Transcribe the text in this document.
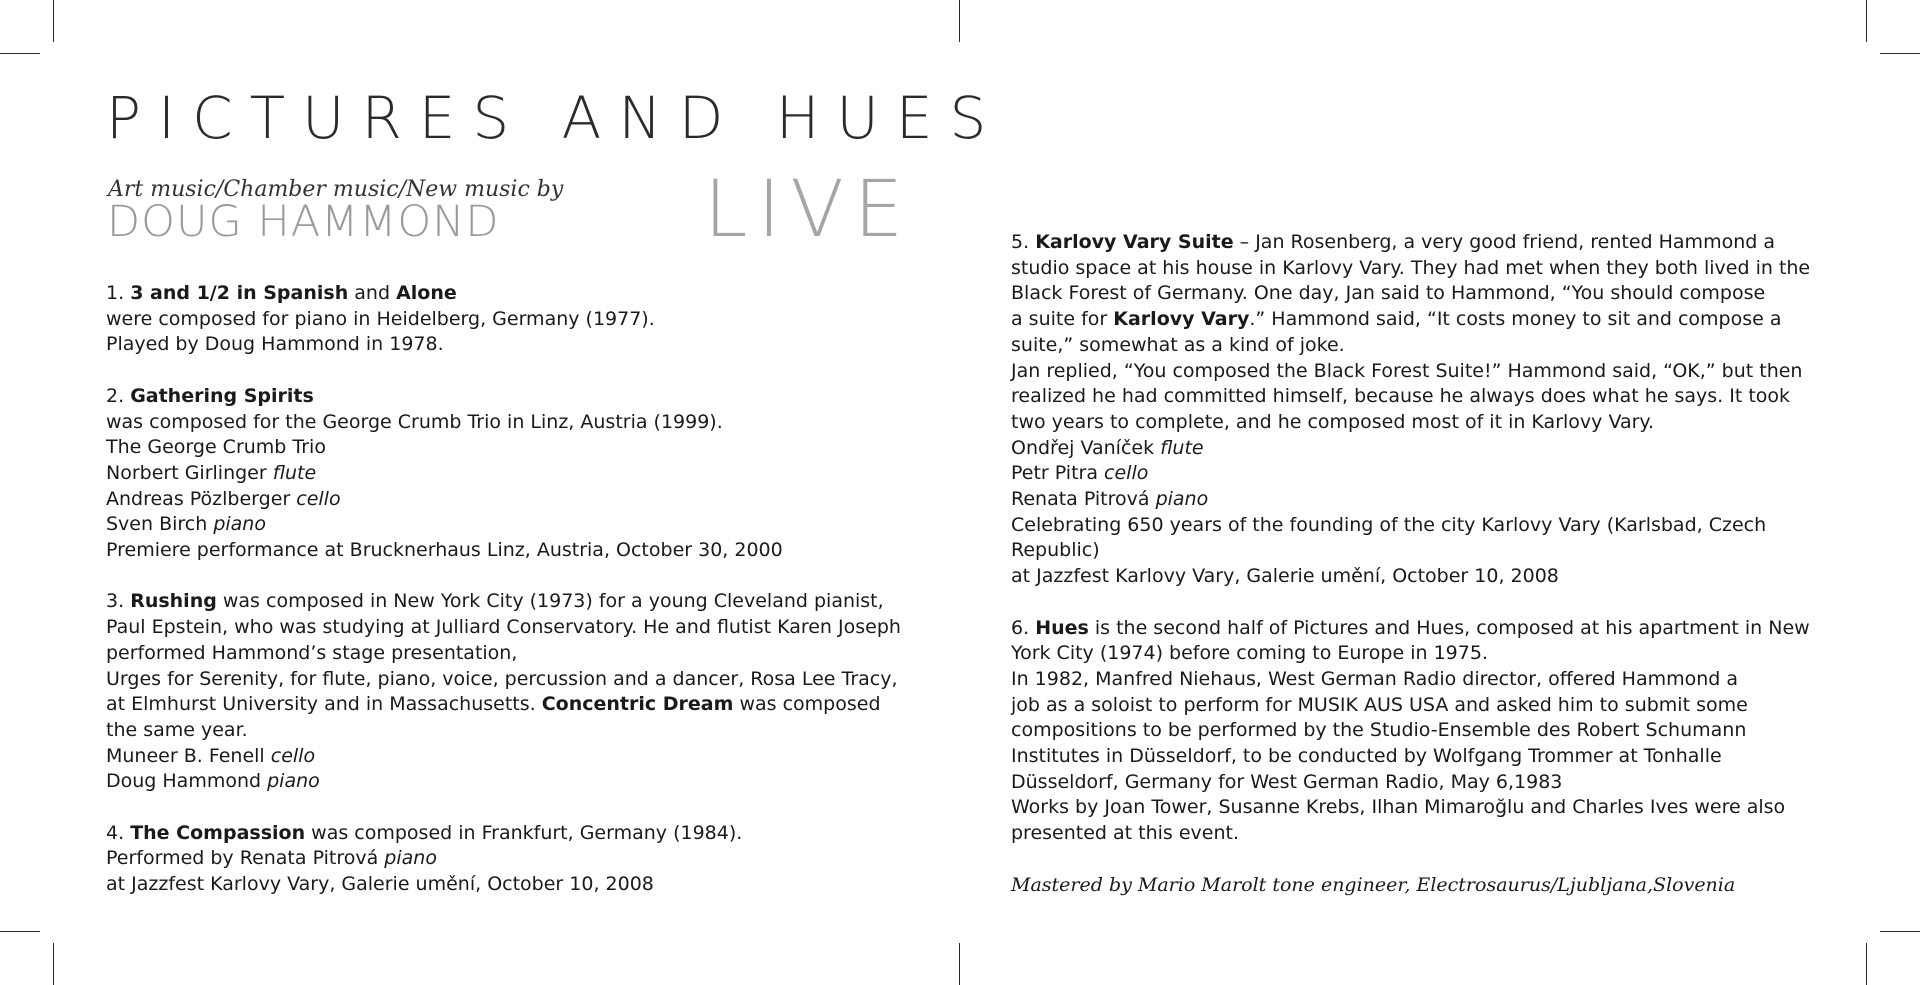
PICTURES AND HUES

Art music/Chamber music/New music by

DOUG HAMMOND	LIVE

1. 3 and 1/2 in Spanish and Alone
were composed for piano in Heidelberg, Germany (1977).
Played by Doug Hammond in 1978.
2. Gathering Spirits
was composed for the George Crumb Trio in Linz, Austria (1999).
The George Crumb Trio
Norbert Girlinger flute
Andreas Pözlberger cello
Sven Birch piano
Premiere performance at Brucknerhaus Linz, Austria, October 30, 2000
3. Rushing was composed in New York City (1973) for a young Cleveland pianist,
Paul Epstein, who was studying at Julliard Conservatory. He and flutist Karen Joseph
performed Hammond’s stage presentation,
Urges for Serenity, for flute, piano, voice, percussion and a dancer, Rosa Lee Tracy,
at Elmhurst University and in Massachusetts. Concentric Dream was composed
the same year.
Muneer B. Fenell cello
Doug Hammond piano
4. The Compassion was composed in Frankfurt, Germany (1984).
Performed by Renata Pitrová piano
at Jazzfest Karlovy Vary, Galerie umění, October 10, 2008
5. Karlovy Vary Suite – Jan Rosenberg, a very good friend, rented Hammond a
studio space at his house in Karlovy Vary. They had met when they both lived in the
Black Forest of Germany. One day, Jan said to Hammond, “You should compose
a suite for Karlovy Vary.” Hammond said, “It costs money to sit and compose a
suite,” somewhat as a kind of joke.
Jan replied, “You composed the Black Forest Suite!” Hammond said, “OK,” but then
realized he had committed himself, because he always does what he says. It took
two years to complete, and he composed most of it in Karlovy Vary.
Ondřej Vaníček flute
Petr Pitra cello
Renata Pitrová piano
Celebrating 650 years of the founding of the city Karlovy Vary (Karlsbad, Czech
Republic)
at Jazzfest Karlovy Vary, Galerie umění, October 10, 2008
6. Hues is the second half of Pictures and Hues, composed at his apartment in New
York City (1974) before coming to Europe in 1975.
In 1982, Manfred Niehaus, West German Radio director, offered Hammond a
job as a soloist to perform for MUSIK AUS USA and asked him to submit some
compositions to be performed by the Studio-Ensemble des Robert Schumann
Institutes in Düsseldorf, to be conducted by Wolfgang Trommer at Tonhalle
Düsseldorf, Germany for West German Radio, May 6,1983
Works by Joan Tower, Susanne Krebs, Ilhan Mimaroğlu and Charles Ives were also
presented at this event.
Mastered by Mario Marolt tone engineer, Electrosaurus/Ljubljana,Slovenia
